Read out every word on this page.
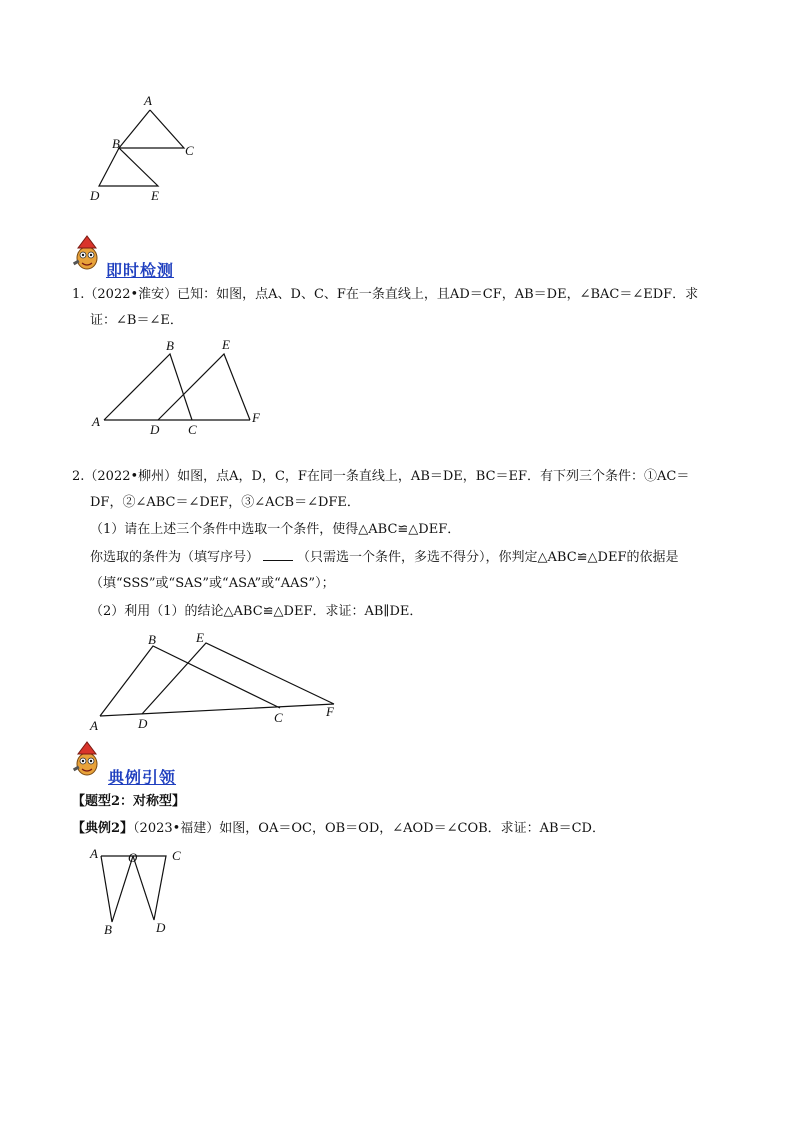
A
B	C
D	E
即时检测
1.（2022•淮安）已知：如图，点A、D、C、F在一条直线上，且AD＝CF，AB＝DE，∠BAC＝∠EDF．求
证：∠B＝∠E．
A
B
C
D
E
F
2.（2022•柳州）如图，点A，D，C，F在同一条直线上，AB＝DE，BC＝EF．有下列三个条件：①AC＝
DF，②∠ABC＝∠DEF，③∠ACB＝∠DFE．
（1）请在上述三个条件中选取一个条件，使得△ABC≌△DEF．
你选取的条件为（填写序号）	（只需选一个条件，多选不得分），你判定△ABC≌△DEF的依据是
（填“SSS”或“SAS”或“ASA”或“AAS”）；
（2）利用（1）的结论△ABC≌△DEF．求证：AB∥DE．
A
B
C
D
E
F
典例引领
【题型2：对称型】
【典例2】（2023•福建）如图，OA＝OC，OB＝OD，∠AOD＝∠COB．求证：AB＝CD．
A O	C
B	D
